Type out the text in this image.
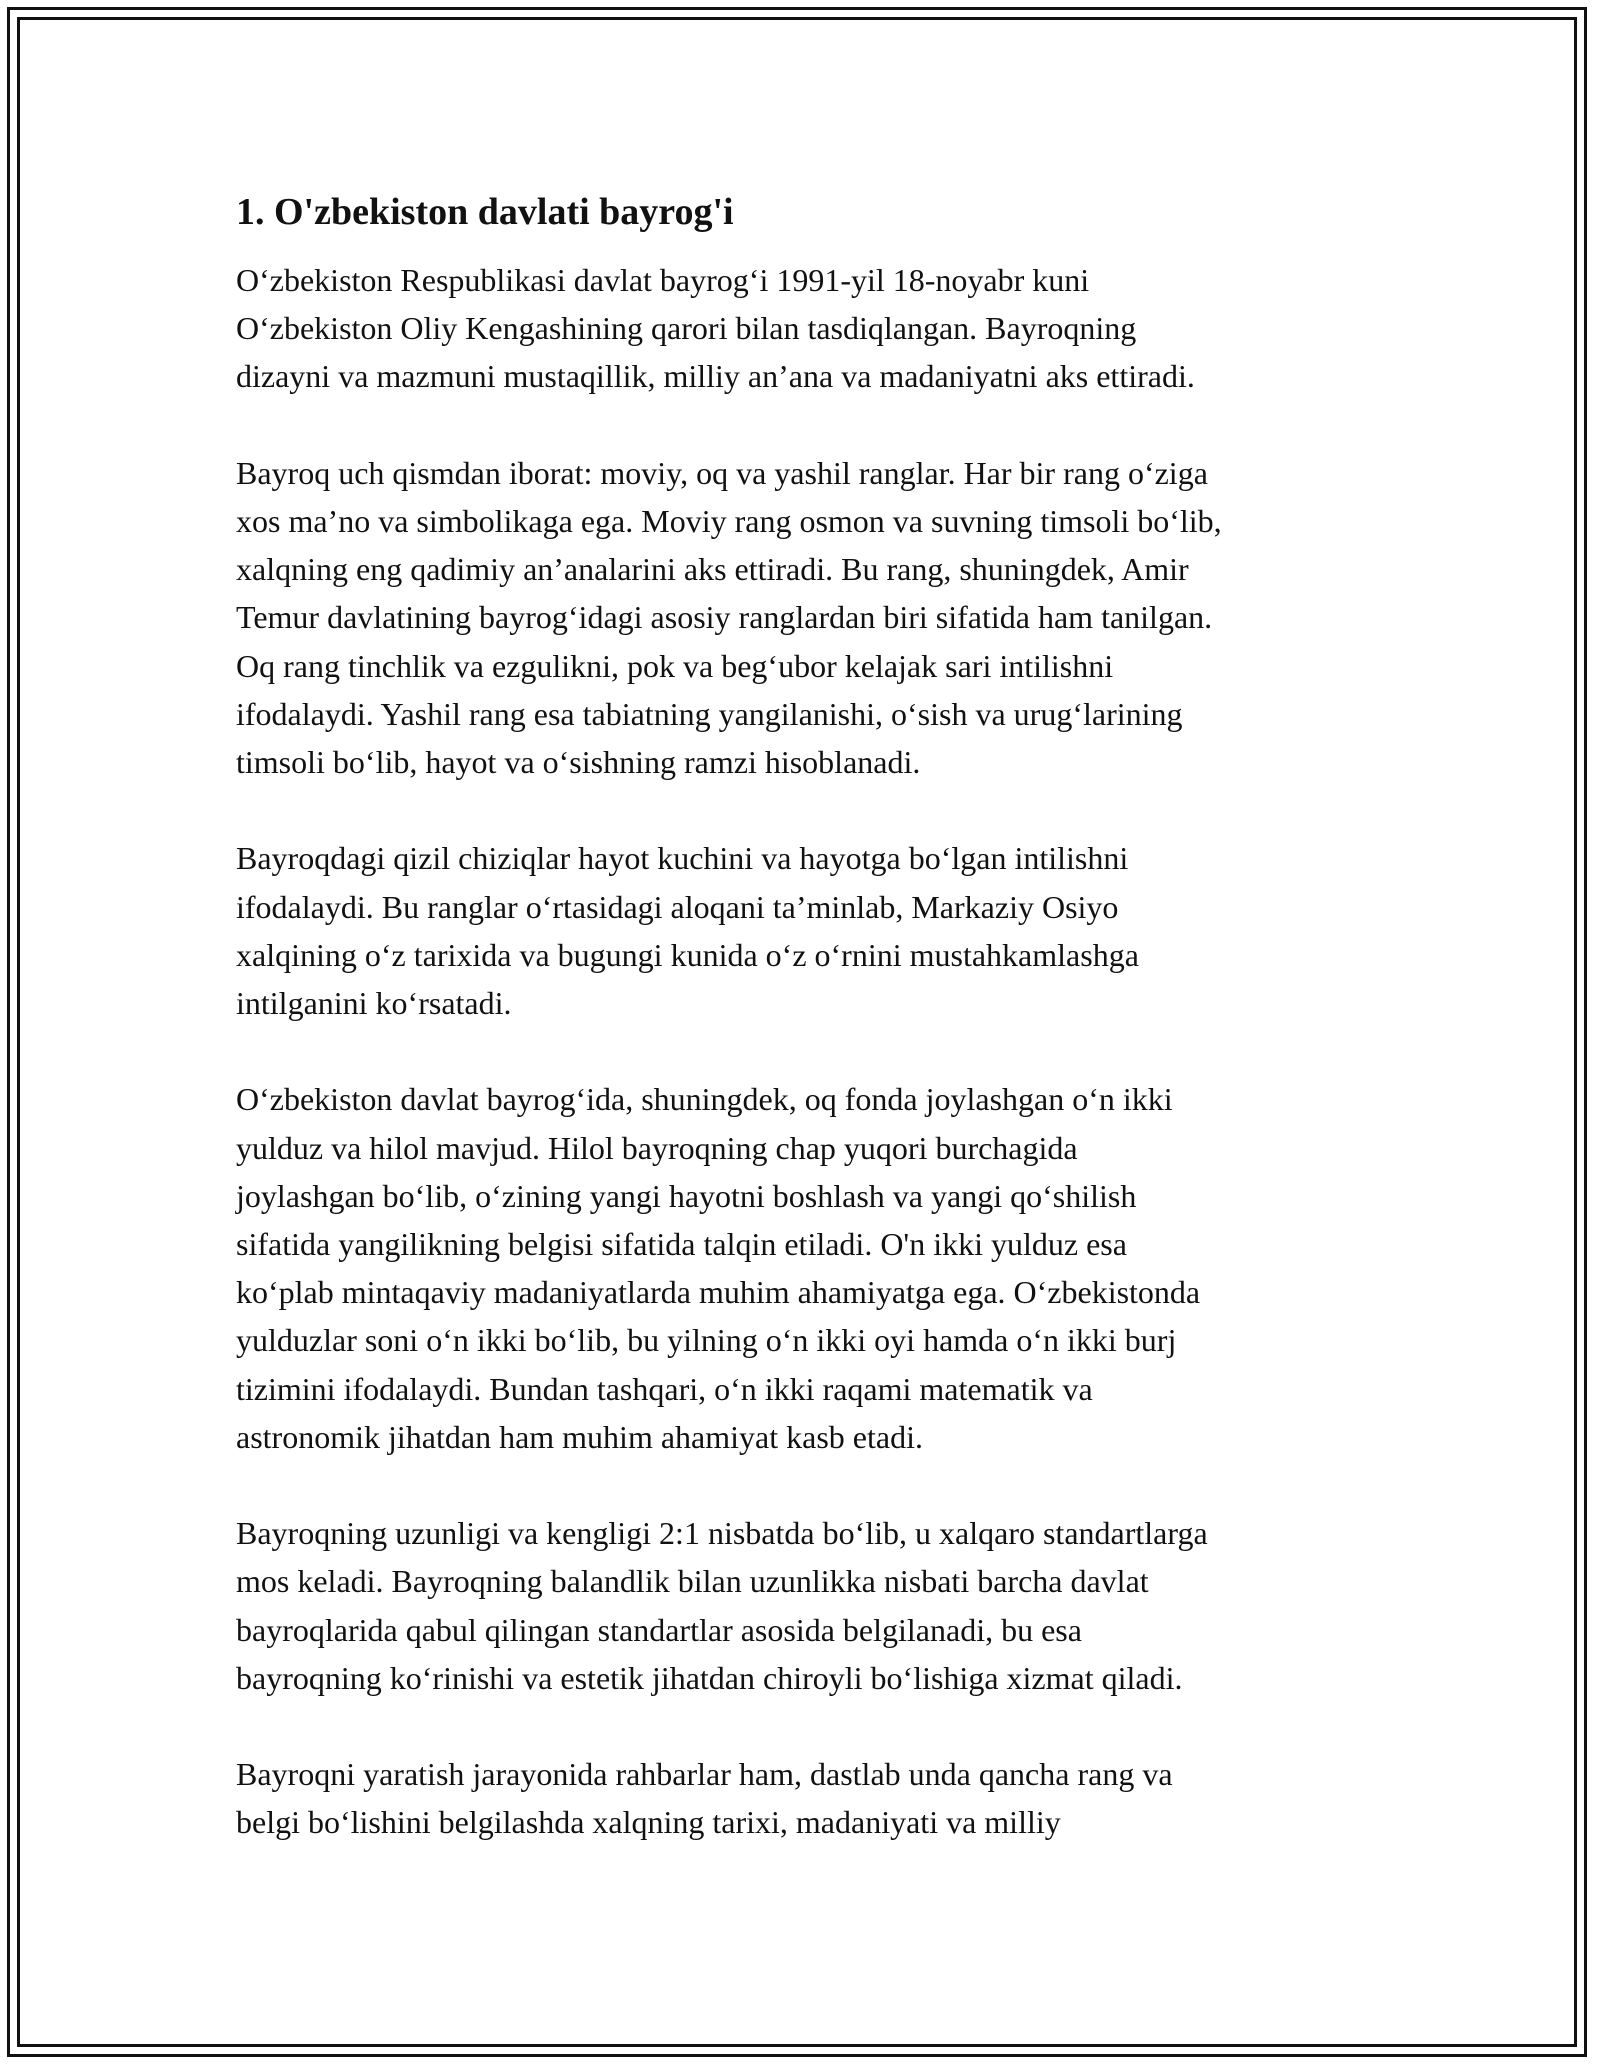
1. O'zbekiston davlati bayrog'i

O‘zbekiston Respublikasi davlat bayrog‘i 1991-yil 18-noyabr kuni
O‘zbekiston Oliy Kengashining qarori bilan tasdiqlangan. Bayroqning
dizayni va mazmuni mustaqillik, milliy an’ana va madaniyatni aks ettiradi.

Bayroq uch qismdan iborat: moviy, oq va yashil ranglar. Har bir rang o‘ziga
xos ma’no va simbolikaga ega. Moviy rang osmon va suvning timsoli bo‘lib,
xalqning eng qadimiy an’analarini aks ettiradi. Bu rang, shuningdek, Amir
Temur davlatining bayrog‘idagi asosiy ranglardan biri sifatida ham tanilgan.
Oq rang tinchlik va ezgulikni, pok va beg‘ubor kelajak sari intilishni
ifodalaydi. Yashil rang esa tabiatning yangilanishi, o‘sish va urug‘larining
timsoli bo‘lib, hayot va o‘sishning ramzi hisoblanadi.

Bayroqdagi qizil chiziqlar hayot kuchini va hayotga bo‘lgan intilishni
ifodalaydi. Bu ranglar o‘rtasidagi aloqani ta’minlab, Markaziy Osiyo
xalqining o‘z tarixida va bugungi kunida o‘z o‘rnini mustahkamlashga
intilganini ko‘rsatadi.

O‘zbekiston davlat bayrog‘ida, shuningdek, oq fonda joylashgan o‘n ikki
yulduz va hilol mavjud. Hilol bayroqning chap yuqori burchagida
joylashgan bo‘lib, o‘zining yangi hayotni boshlash va yangi qo‘shilish
sifatida yangilikning belgisi sifatida talqin etiladi. O'n ikki yulduz esa
ko‘plab mintaqaviy madaniyatlarda muhim ahamiyatga ega. O‘zbekistonda
yulduzlar soni o‘n ikki bo‘lib, bu yilning o‘n ikki oyi hamda o‘n ikki burj
tizimini ifodalaydi. Bundan tashqari, o‘n ikki raqami matematik va
astronomik jihatdan ham muhim ahamiyat kasb etadi.

Bayroqning uzunligi va kengligi 2:1 nisbatda bo‘lib, u xalqaro standartlarga
mos keladi. Bayroqning balandlik bilan uzunlikka nisbati barcha davlat
bayroqlarida qabul qilingan standartlar asosida belgilanadi, bu esa
bayroqning ko‘rinishi va estetik jihatdan chiroyli bo‘lishiga xizmat qiladi.

Bayroqni yaratish jarayonida rahbarlar ham, dastlab unda qancha rang va
belgi bo‘lishini belgilashda xalqning tarixi, madaniyati va milliy
